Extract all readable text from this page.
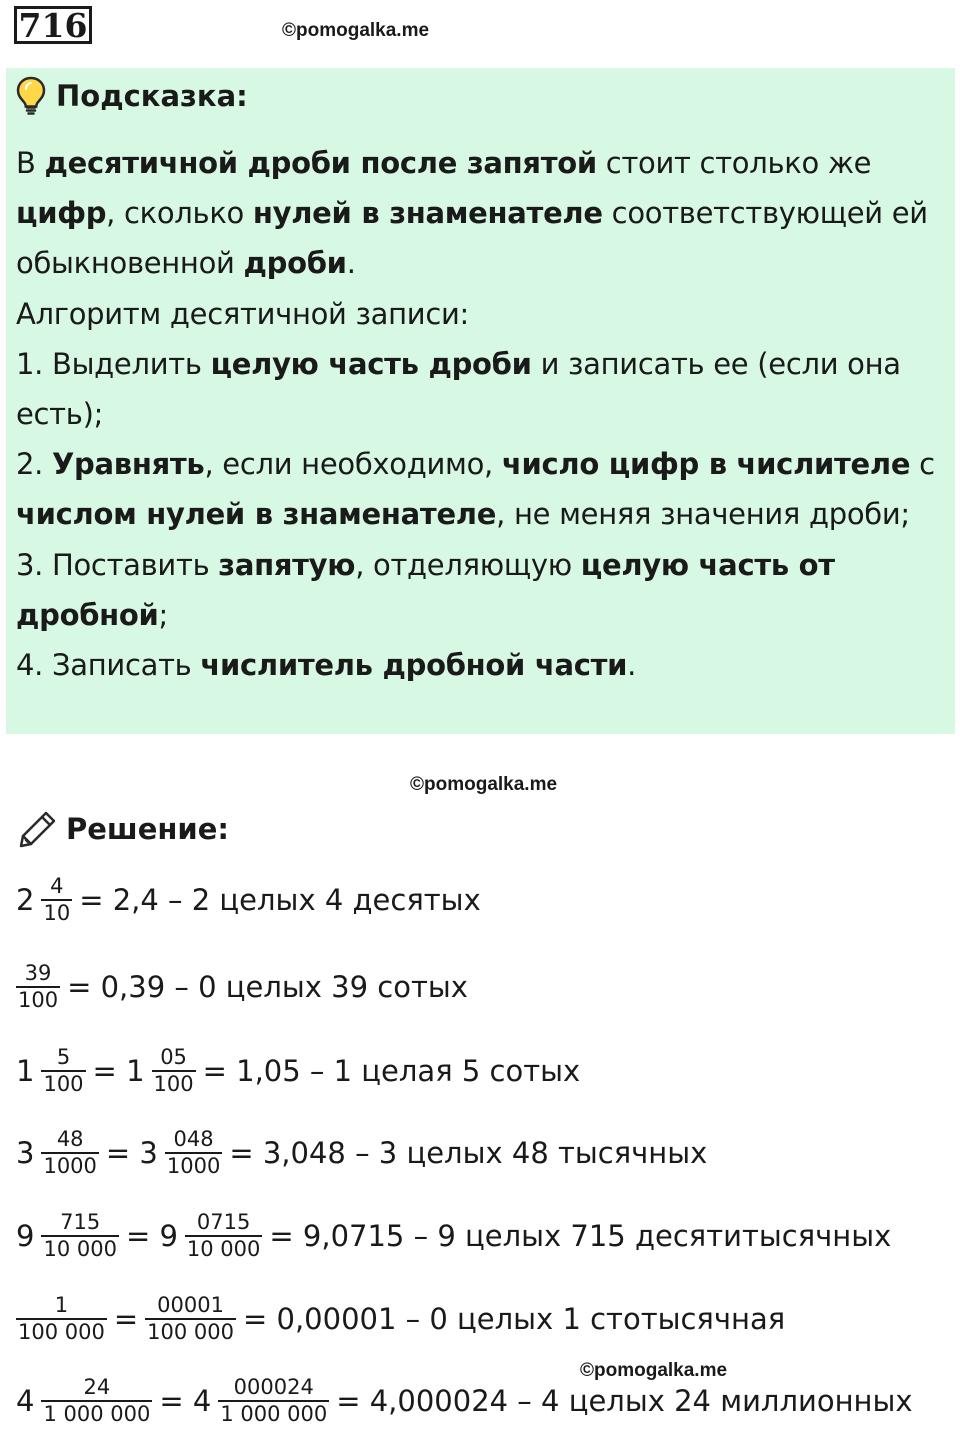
716	©pomogalka.me
Подсказка:

В десятичной дроби после запятой стоит столько же цифр, сколько нулей в знаменателе соответствующей ей обыкновенной дроби.

Алгоритм десятичной записи:

1. Выделить целую часть дроби и записать ее (если она есть);

2. Уравнять, если необходимо, число цифр в числителе с числом нулей в знаменателе, не меняя значения дроби;

3. Поставить запятую, отделяющую целую часть от дробной;

4. Записать числитель дробной части.

©pomogalka.me
Решение:
$2 \frac{4}{10} = 2,4 - 2$ целых 4 десятых
$\frac{39}{100} = 0,39 - 0$ целых 39 сотых
$1 \frac{5}{100} = 1 \frac{05}{100} = 1,05 - 1$ целая 5 сотых
$3 \frac{48}{1000} = 3 \frac{048}{1000} = 3,048 - 3$ целых 48 тысячных
$9 \frac{715}{10 000} = 9 \frac{0715}{10 000} = 9,0715 - 9$ целых 715 десятитысячных
$\frac{1}{100 000} = \frac{00001}{100 000} = 0,00001 - 0$ целых 1 стотысячная
$4 \frac{24}{1 000 000} = 4 \frac{000024}{1 000 000} = 4,000024 - 4$ целых 24 миллионных
©pomogalka.me
